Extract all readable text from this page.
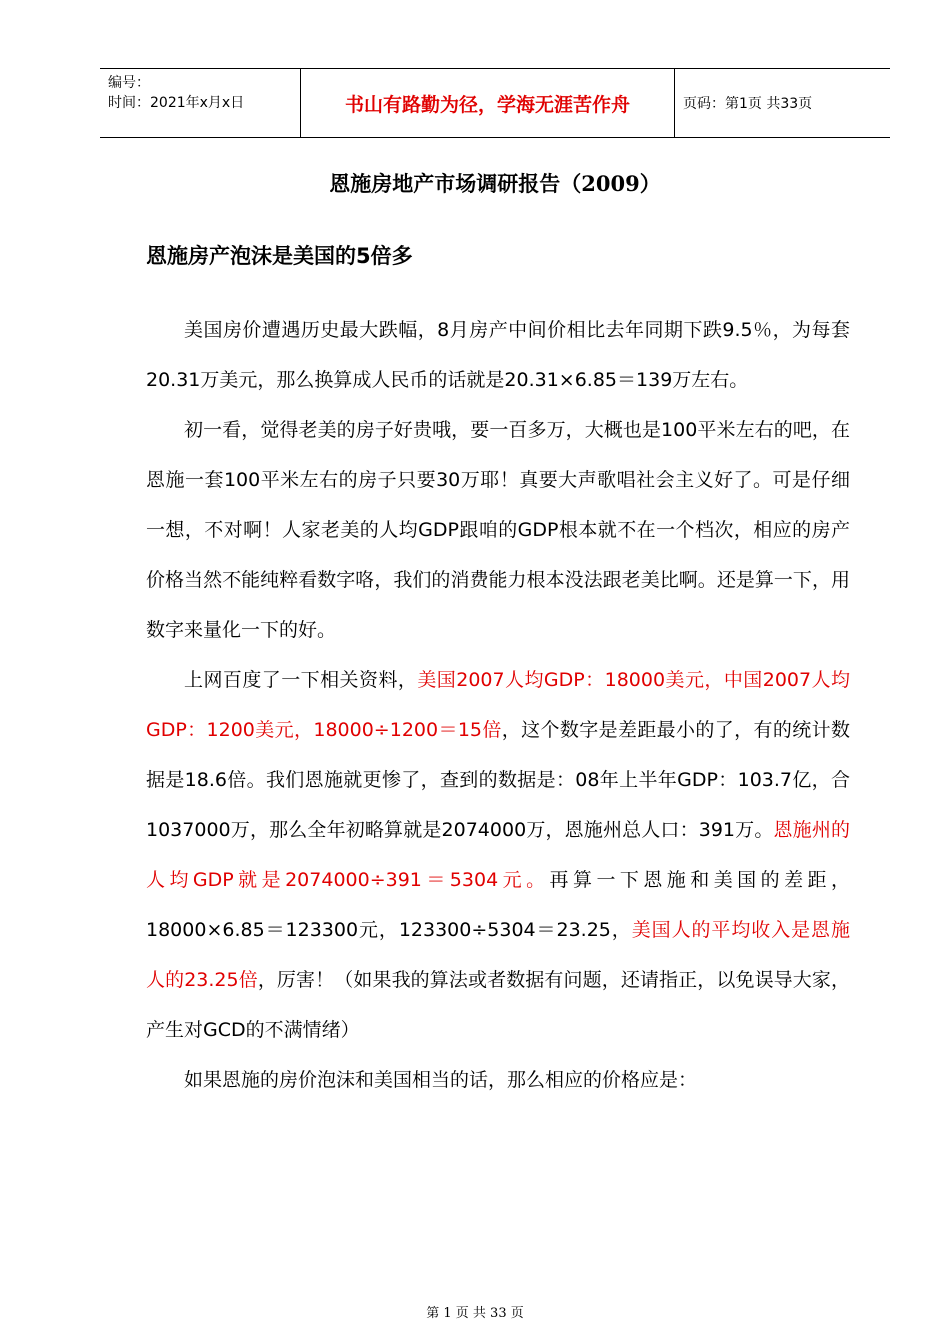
编号：
时间：2021年x月x日	书山有路勤为径，学海无涯苦作舟	页码：第1页 共33页
恩施房地产市场调研报告（2009）
恩施房产泡沫是美国的5倍多

美国房价遭遇历史最大跌幅，8月房产中间价相比去年同期下跌9.5％，为每套20.31万美元，那么换算成人民币的话就是20.31×6.85＝139万左右。

初一看，觉得老美的房子好贵哦，要一百多万，大概也是100平米左右的吧，在恩施一套100平米左右的房子只要30万耶！真要大声歌唱社会主义好了。可是仔细一想，不对啊！人家老美的人均GDP跟咱的GDP根本就不在一个档次，相应的房产价格当然不能纯粹看数字咯，我们的消费能力根本没法跟老美比啊。还是算一下，用数字来量化一下的好。

上网百度了一下相关资料，美国2007人均GDP：18000美元，中国2007人均GDP：1200美元，18000÷1200＝15倍，这个数字是差距最小的了，有的统计数据是18.6倍。我们恩施就更惨了，查到的数据是：08年上半年GDP：103.7亿，合1037000万，那么全年初略算就是2074000万，恩施州总人口：391万。恩施州的人均GDP就是2074000÷391＝5304元。再算一下恩施和美国的差距，18000×6.85＝123300元，123300÷5304＝23.25，美国人的平均收入是恩施人的23.25倍，厉害！（如果我的算法或者数据有问题，还请指正，以免误导大家，产生对GCD的不满情绪）

如果恩施的房价泡沫和美国相当的话，那么相应的价格应是：

第 1 页 共 33 页
